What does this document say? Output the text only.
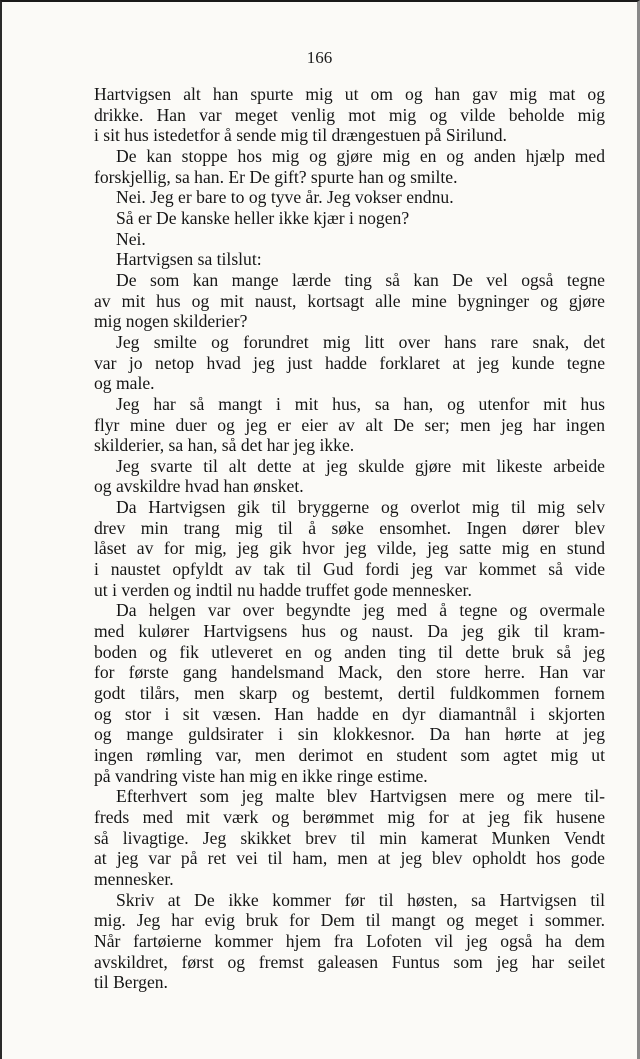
166
Hartvigsen alt han spurte mig ut om og han gav mig mat og
drikke. Han var meget venlig mot mig og vilde beholde mig
i sit hus istedetfor å sende mig til drængestuen på Sirilund.
De kan stoppe hos mig og gjøre mig en og anden hjælp med
forskjellig, sa han. Er De gift? spurte han og smilte.
Nei. Jeg er bare to og tyve år. Jeg vokser endnu.
Så er De kanske heller ikke kjær i nogen?
Nei.
Hartvigsen sa tilslut:
De som kan mange lærde ting så kan De vel også tegne
av mit hus og mit naust, kortsagt alle mine bygninger og gjøre
mig nogen skilderier?
Jeg smilte og forundret mig litt over hans rare snak, det
var jo netop hvad jeg just hadde forklaret at jeg kunde tegne
og male.
Jeg har så mangt i mit hus, sa han, og utenfor mit hus
flyr mine duer og jeg er eier av alt De ser; men jeg har ingen
skilderier, sa han, så det har jeg ikke.
Jeg svarte til alt dette at jeg skulde gjøre mit likeste arbeide
og avskildre hvad han ønsket.
Da Hartvigsen gik til bryggerne og overlot mig til mig selv
drev min trang mig til å søke ensomhet. Ingen dører blev
låset av for mig, jeg gik hvor jeg vilde, jeg satte mig en stund
i naustet opfyldt av tak til Gud fordi jeg var kommet så vide
ut i verden og indtil nu hadde truffet gode mennesker.
Da helgen var over begyndte jeg med å tegne og overmale
med kulører Hartvigsens hus og naust. Da jeg gik til kram-
boden og fik utleveret en og anden ting til dette bruk så jeg
for første gang handelsmand Mack, den store herre. Han var
godt tilårs, men skarp og bestemt, dertil fuldkommen fornem
og stor i sit væsen. Han hadde en dyr diamantnål i skjorten
og mange guldsirater i sin klokkesnor. Da han hørte at jeg
ingen rømling var, men derimot en student som agtet mig ut
på vandring viste han mig en ikke ringe estime.
Efterhvert som jeg malte blev Hartvigsen mere og mere til-
freds med mit værk og berømmet mig for at jeg fik husene
så livagtige. Jeg skikket brev til min kamerat Munken Vendt
at jeg var på ret vei til ham, men at jeg blev opholdt hos gode
mennesker.
Skriv at De ikke kommer før til høsten, sa Hartvigsen til
mig. Jeg har evig bruk for Dem til mangt og meget i sommer.
Når fartøierne kommer hjem fra Lofoten vil jeg også ha dem
avskildret, først og fremst galeasen Funtus som jeg har seilet
til Bergen.
